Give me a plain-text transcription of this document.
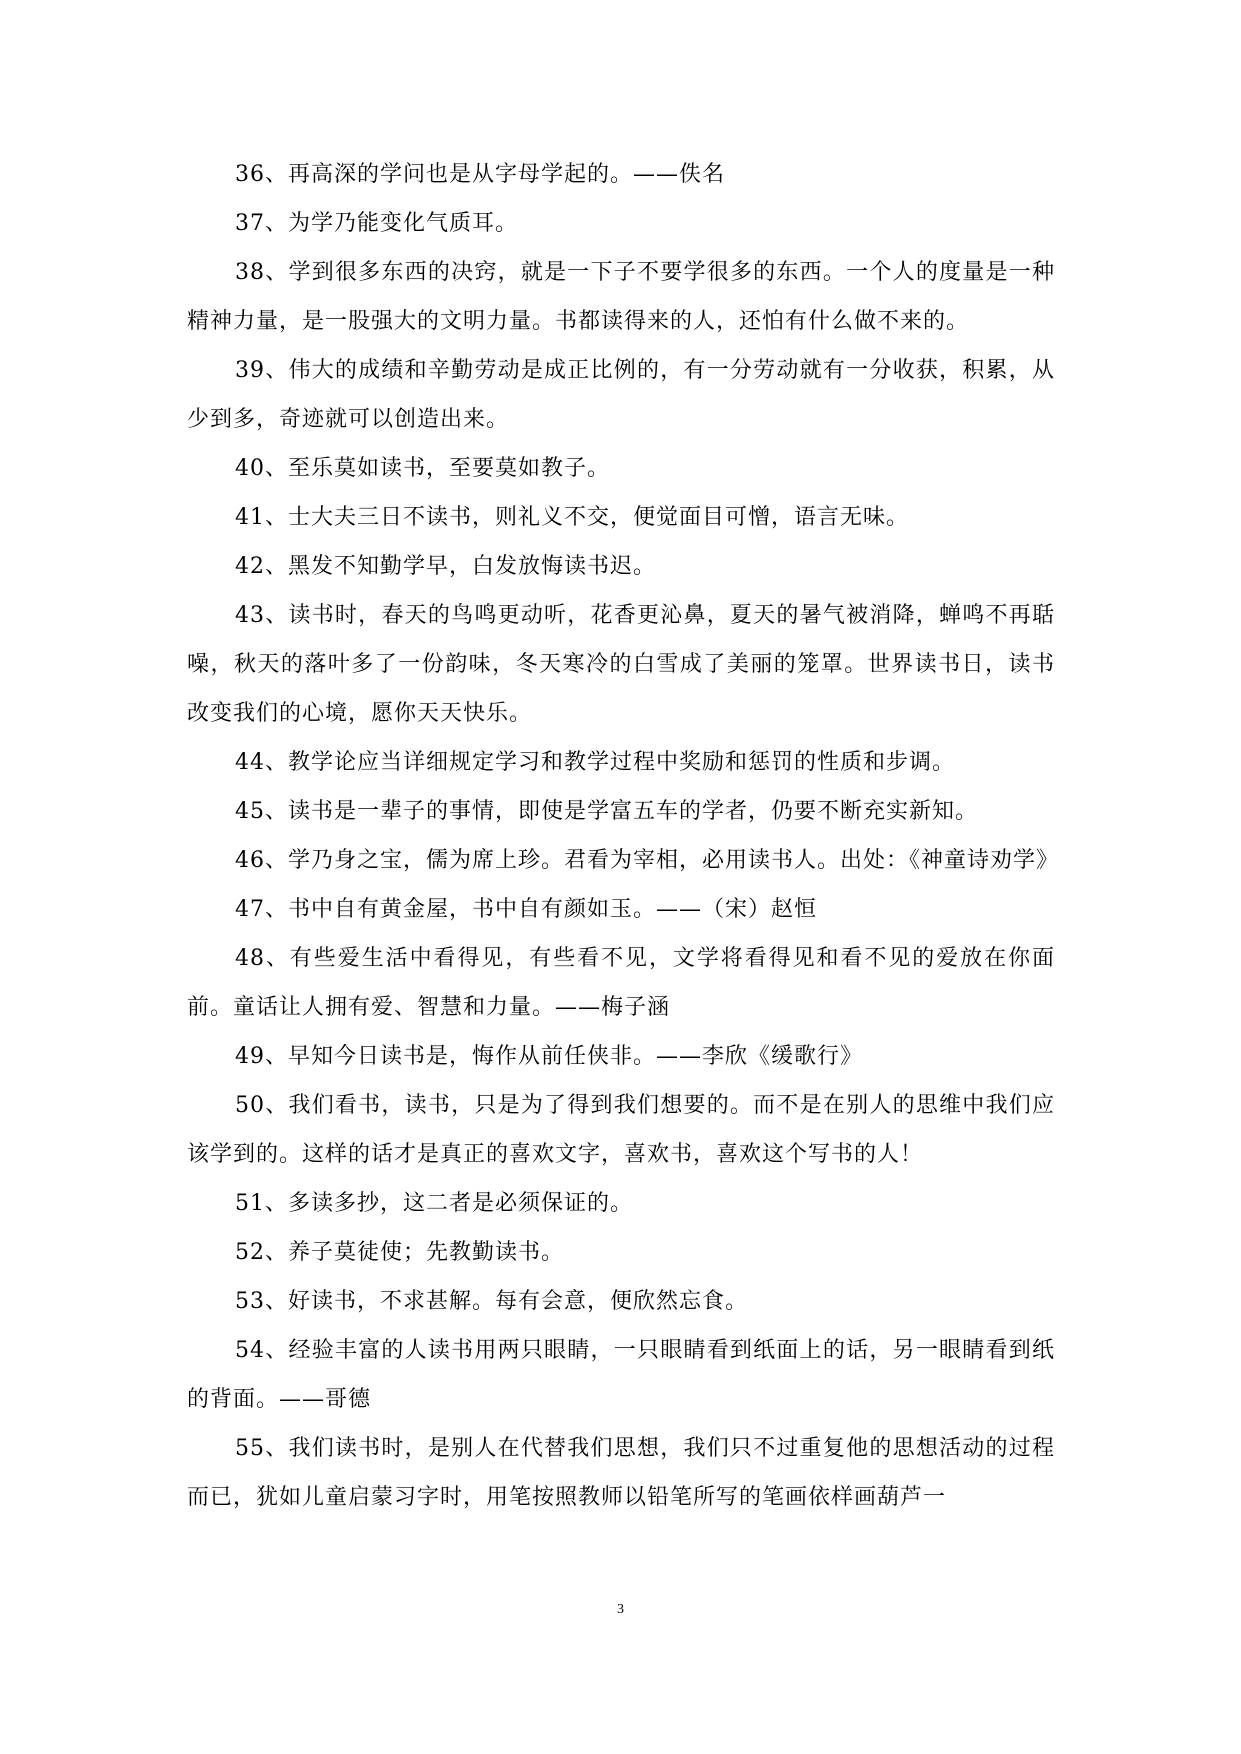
36、再高深的学问也是从字母学起的。——佚名

37、为学乃能变化气质耳。

38、学到很多东西的决窍，就是一下子不要学很多的东西。一个人的度量是一种精神力量，是一股强大的文明力量。书都读得来的人，还怕有什么做不来的。

39、伟大的成绩和辛勤劳动是成正比例的，有一分劳动就有一分收获，积累，从少到多，奇迹就可以创造出来。

40、至乐莫如读书，至要莫如教子。

41、士大夫三日不读书，则礼义不交，便觉面目可憎，语言无味。

42、黑发不知勤学早，白发放悔读书迟。

43、读书时，春天的鸟鸣更动听，花香更沁鼻，夏天的暑气被消降，蝉鸣不再聒噪，秋天的落叶多了一份韵味，冬天寒冷的白雪成了美丽的笼罩。世界读书日，读书改变我们的心境，愿你天天快乐。

44、教学论应当详细规定学习和教学过程中奖励和惩罚的性质和步调。

45、读书是一辈子的事情，即使是学富五车的学者，仍要不断充实新知。

46、学乃身之宝，儒为席上珍。君看为宰相，必用读书人。出处：《神童诗劝学》

47、书中自有黄金屋，书中自有颜如玉。——（宋）赵恒

48、有些爱生活中看得见，有些看不见，文学将看得见和看不见的爱放在你面前。童话让人拥有爱、智慧和力量。——梅子涵

49、早知今日读书是，悔作从前任侠非。——李欣《缓歌行》

50、我们看书，读书，只是为了得到我们想要的。而不是在别人的思维中我们应该学到的。这样的话才是真正的喜欢文字，喜欢书，喜欢这个写书的人！

51、多读多抄，这二者是必须保证的。

52、养子莫徒使；先教勤读书。

53、好读书，不求甚解。每有会意，便欣然忘食。

54、经验丰富的人读书用两只眼睛，一只眼睛看到纸面上的话，另一眼睛看到纸的背面。——哥德

55、我们读书时，是别人在代替我们思想，我们只不过重复他的思想活动的过程而已，犹如儿童启蒙习字时，用笔按照教师以铅笔所写的笔画依样画葫芦一

3
